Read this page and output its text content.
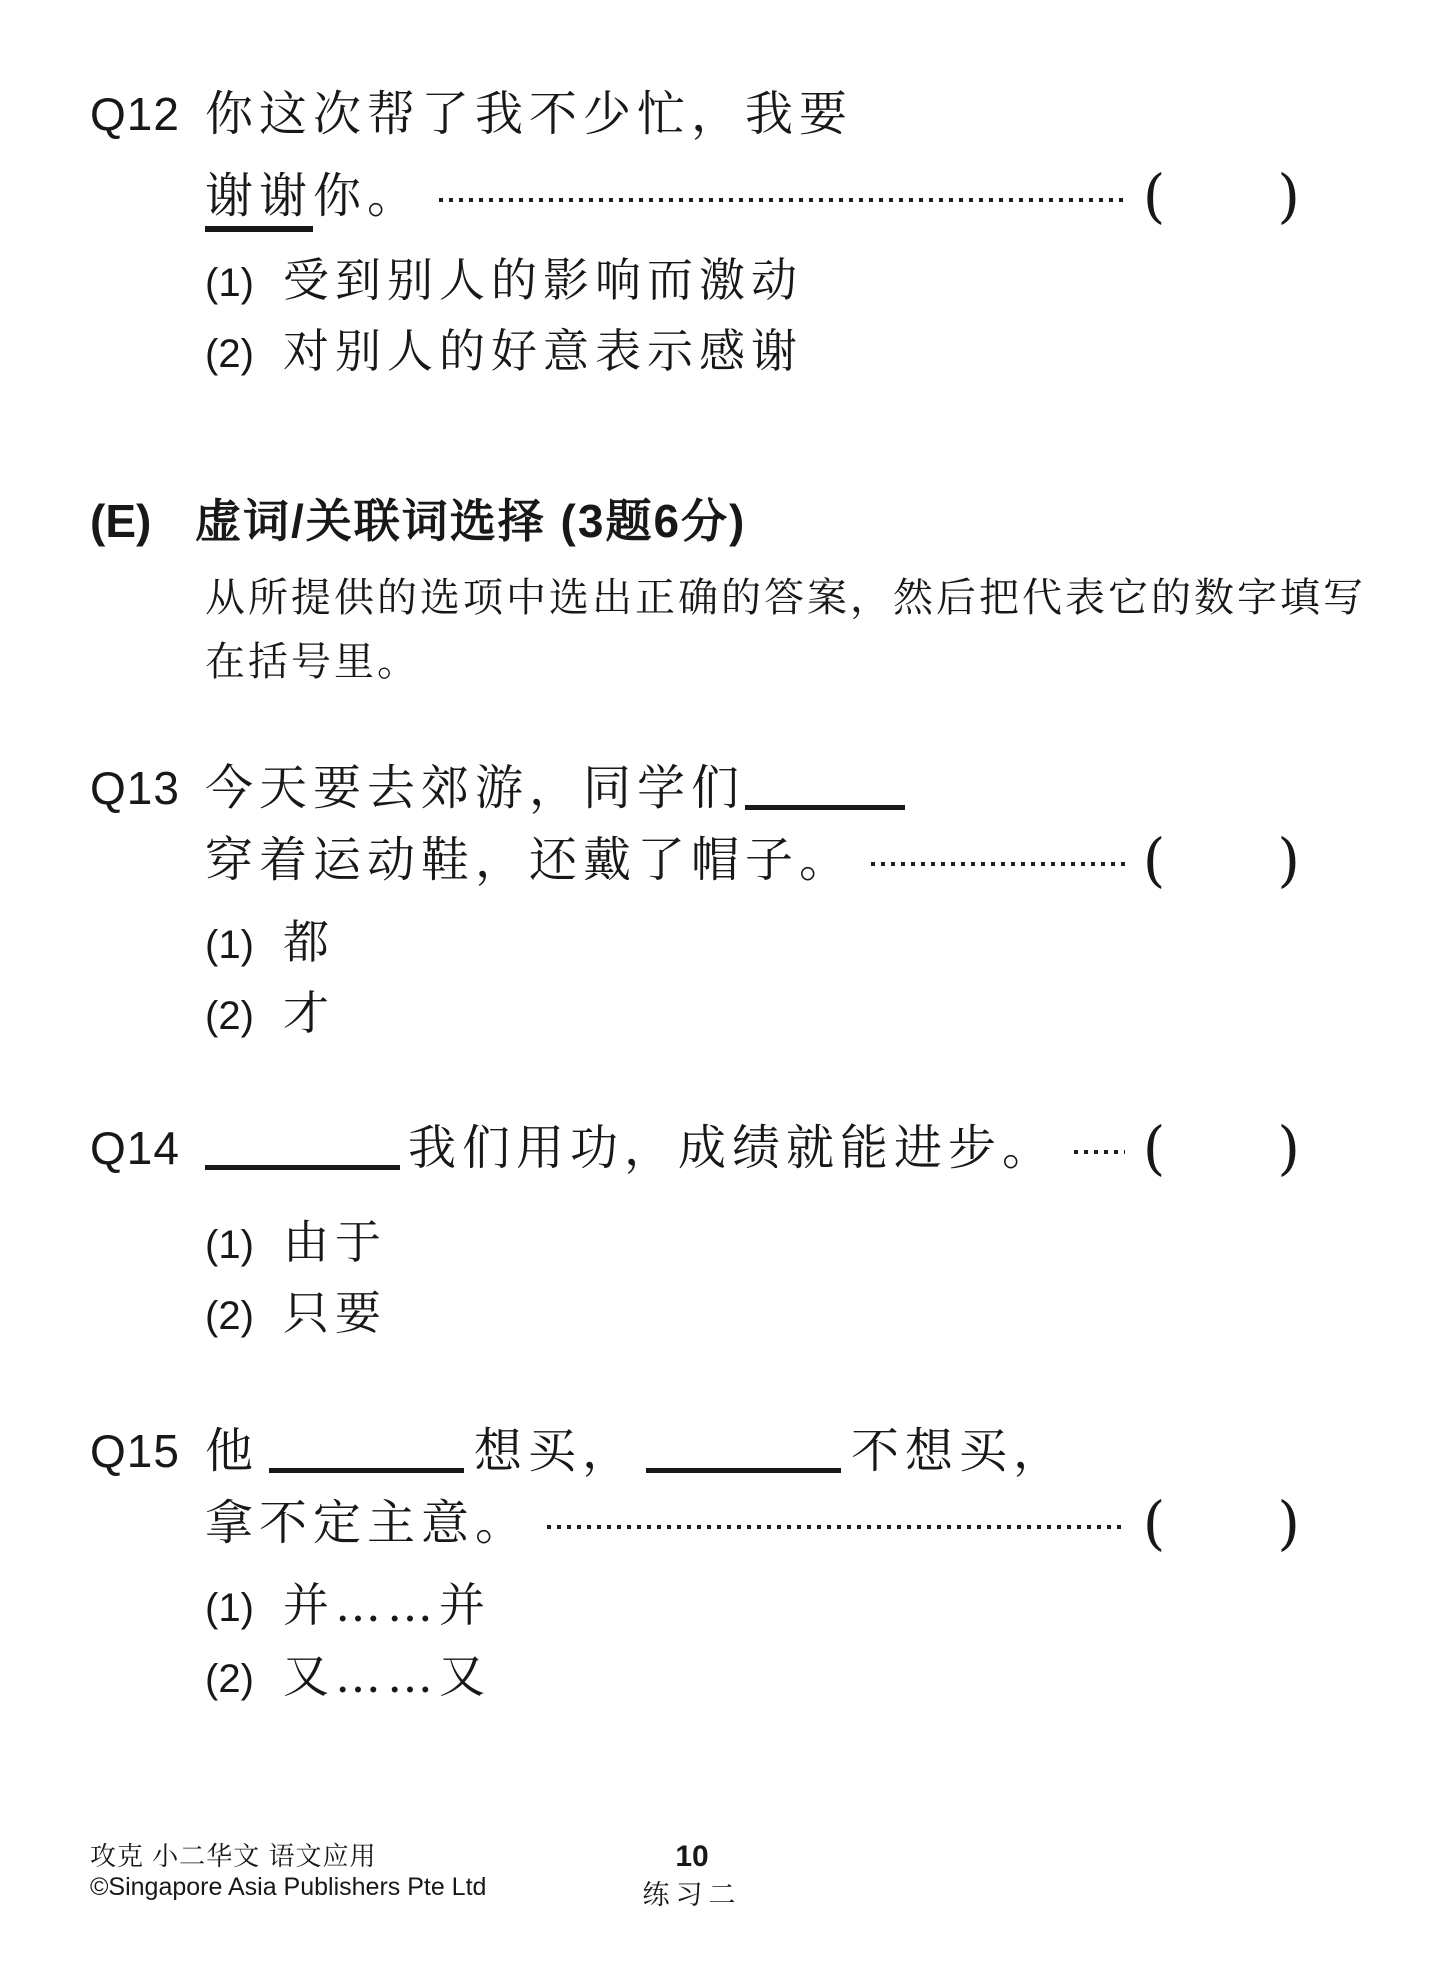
Q12 你这次帮了我不少忙，我要
谢谢你。	( )
(1) 受到别人的影响而激动
(2) 对别人的好意表示感谢
(E) 虚词/关联词选择 (3题6分)
从所提供的选项中选出正确的答案，然后把代表它的数字填写
在括号里。
Q13 今天要去郊游，同学们
穿着运动鞋，还戴了帽子。	( )
(1) 都
(2) 才
Q14	我们用功，成绩就能进步。 ( )
(1) 由于
(2) 只要
Q15 他	想买，	不想买，
拿不定主意。	( )
(1) 并……并
(2) 又……又
攻克 小二华文 语文应用
©Singapore Asia Publishers Pte Ltd
10
练习二
